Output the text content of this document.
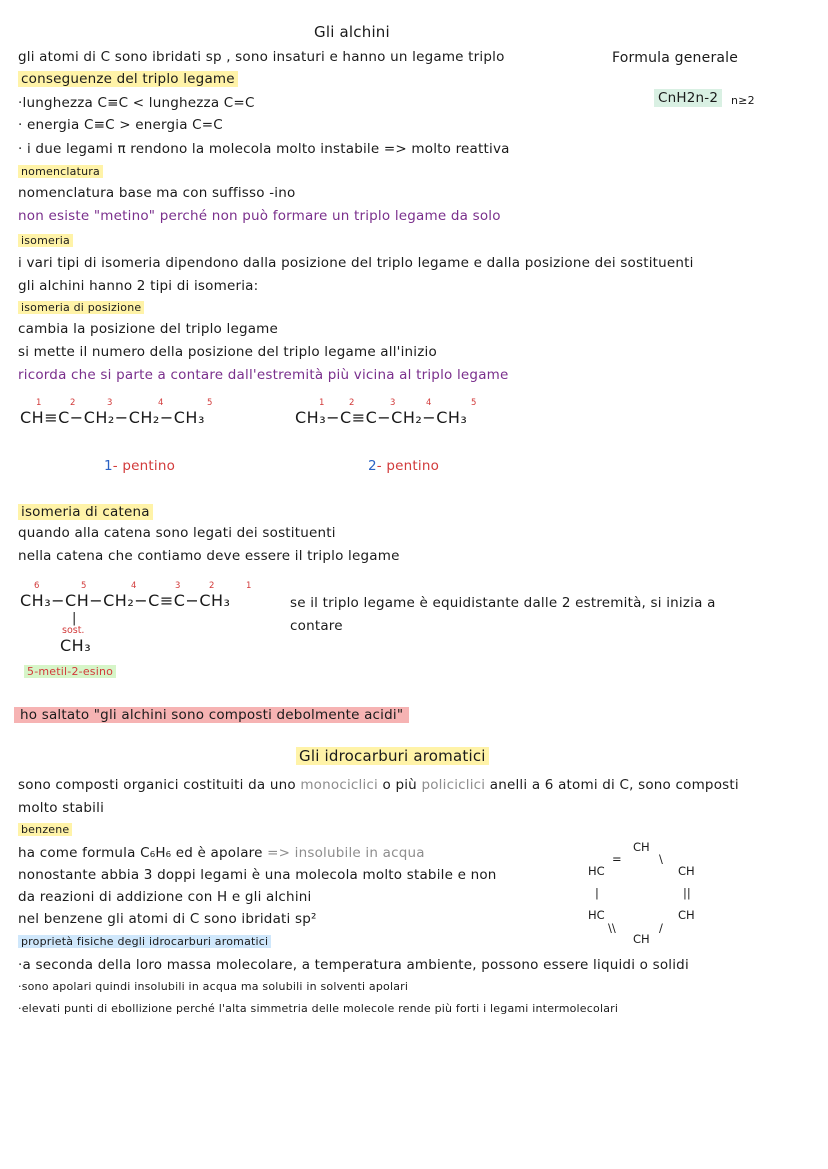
Gli alchini
gli atomi di C sono ibridati sp , sono insaturi e hanno un legame triplo	Formula generale
conseguenze del triplo legame
CnH2n-2	n≥2
·lunghezza C≡C < lunghezza C=C
· energia C≡C > energia C=C
· i due legami π rendono la molecola molto instabile => molto reattiva
nomenclatura
nomenclatura base ma con suffisso -ino
non esiste "metino" perché non può formare un triplo legame da solo
isomeria
i vari tipi di isomeria dipendono dalla posizione del triplo legame e dalla posizione dei sostituenti
gli alchini hanno 2 tipi di isomeria:
isomeria di posizione
cambia la posizione del triplo legame
si mette il numero della posizione del triplo legame all'inizio
ricorda che si parte a contare dall'estremità più vicina al triplo legame
1	2	3	4	5
CH≡C−CH₂−CH₂−CH₃
1- pentino
1	2	3	4	5
CH₃−C≡C−CH₂−CH₃
2- pentino
isomeria di catena
quando alla catena sono legati dei sostituenti
nella catena che contiamo deve essere il triplo legame
6	5	4	3	2	1
CH₃−CH−CH₂−C≡C−CH₃
|
sost.
CH₃
5-metil-2-esino
se il triplo legame è equidistante dalle 2 estremità, si inizia a
contare
ho saltato "gli alchini sono composti debolmente acidi"
Gli idrocarburi aromatici
sono composti organici costituiti da uno monociclici o più policiclici anelli a 6 atomi di C, sono composti
molto stabili
benzene
ha come formula C₆H₆ ed è apolare => insolubile in acqua
nonostante abbia 3 doppi legami è una molecola molto stabile e non
da reazioni di addizione con H e gli alchini
nel benzene gli atomi di C sono ibridati sp²
CH
CH
CH
CH
HC
HC
=	\
||
/
\\
|
proprietà fisiche degli idrocarburi aromatici
·a seconda della loro massa molecolare, a temperatura ambiente, possono essere liquidi o solidi
·sono apolari quindi insolubili in acqua ma solubili in solventi apolari
·elevati punti di ebollizione perché l'alta simmetria delle molecole rende più forti i legami intermolecolari
